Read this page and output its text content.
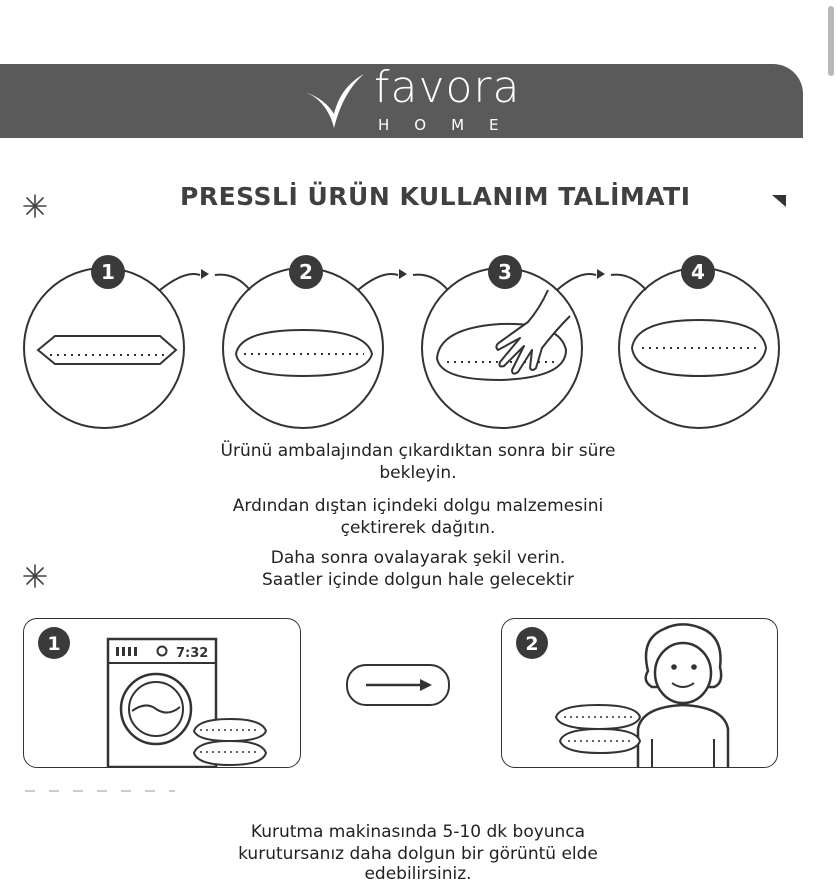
favora
HOME
PRESSLİ ÜRÜN KULLANIM TALİMATI
1	2	3	4
Ürünü ambalajından çıkardıktan sonra bir süre
bekleyin.
Ardından dıştan içindeki dolgu malzemesini
çektirerek dağıtın.
Daha sonra ovalayarak şekil verin.
Saatler içinde dolgun hale gelecektir
1	7:32	2
Kurutma makinasında 5-10 dk boyunca
kurutursanız daha dolgun bir görüntü elde
edebilirsiniz.
